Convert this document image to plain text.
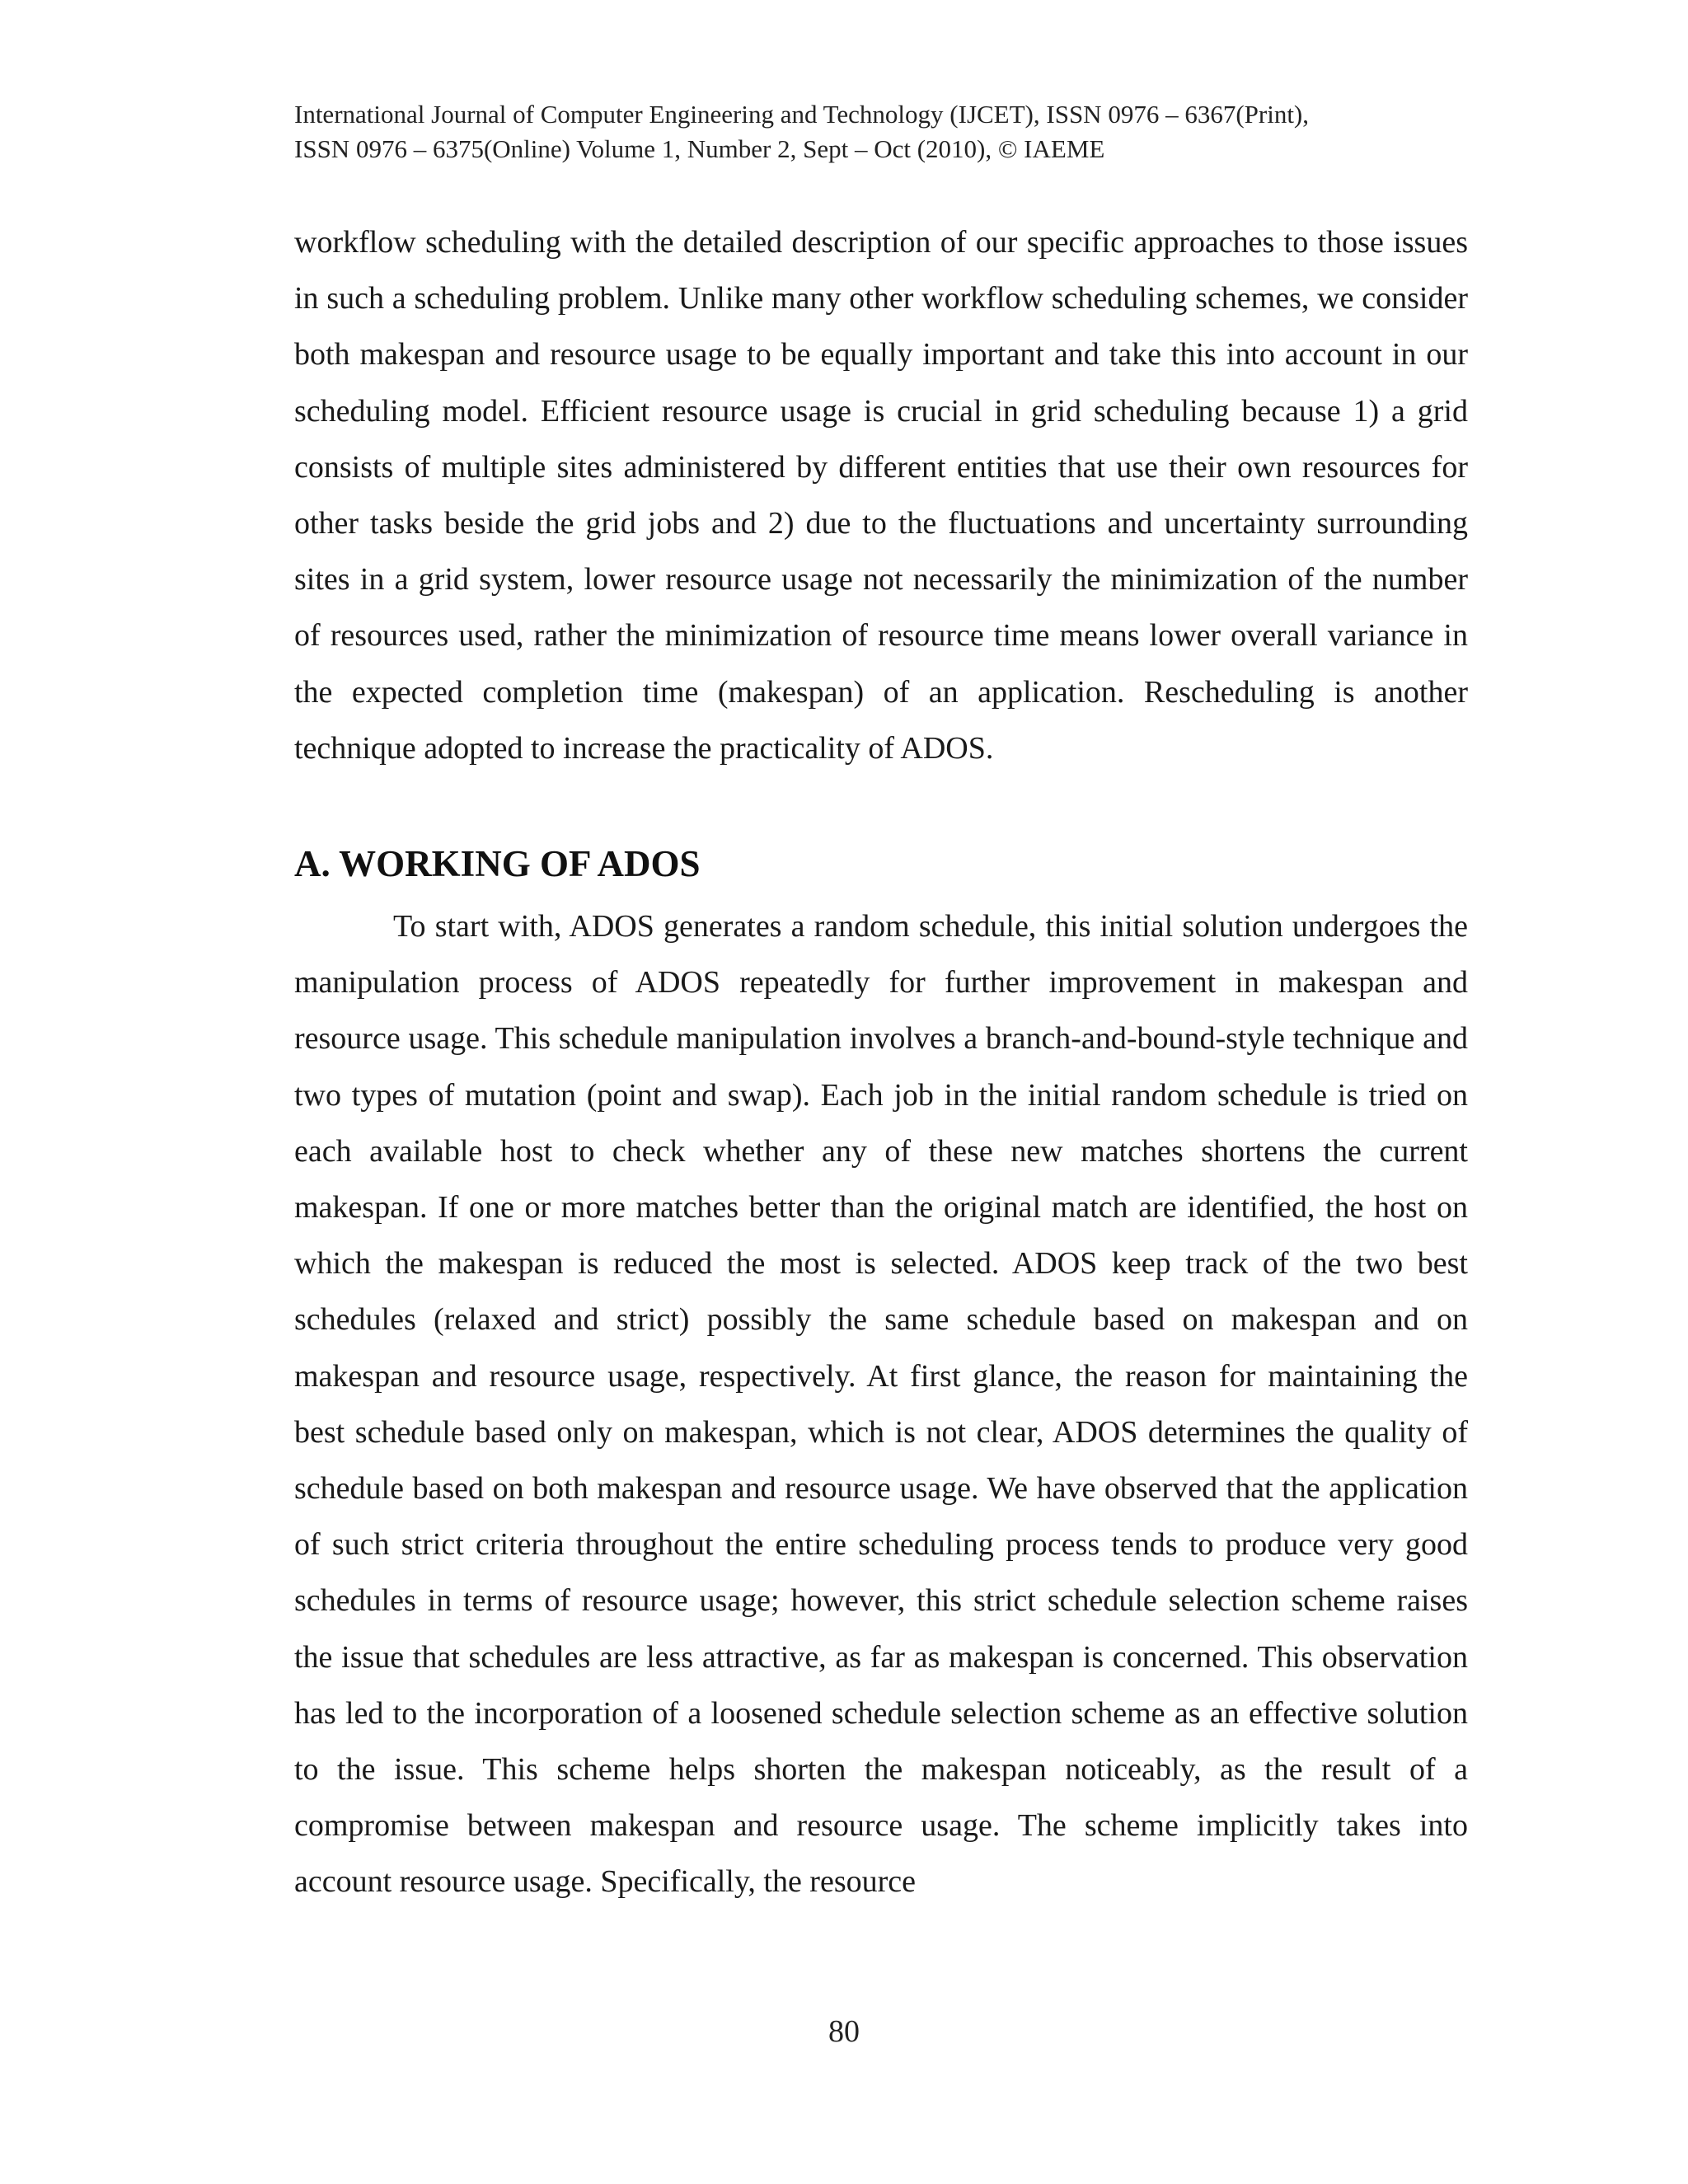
International Journal of Computer Engineering and Technology (IJCET), ISSN 0976 – 6367(Print),
ISSN 0976 – 6375(Online) Volume 1, Number 2, Sept – Oct (2010), © IAEME
workflow scheduling with the detailed description of our specific approaches to those issues in such a scheduling problem. Unlike many other workflow scheduling schemes, we consider both makespan and resource usage to be equally important and take this into account in our scheduling model. Efficient resource usage is crucial in grid scheduling because 1) a grid consists of multiple sites administered by different entities that use their own resources for other tasks beside the grid jobs and 2) due to the fluctuations and uncertainty surrounding sites in a grid system, lower resource usage not necessarily the minimization of the number of resources used, rather the minimization of resource time means lower overall variance in the expected completion time (makespan) of an application. Rescheduling is another technique adopted to increase the practicality of ADOS.
A. WORKING OF ADOS
To start with, ADOS generates a random schedule, this initial solution undergoes the manipulation process of ADOS repeatedly for further improvement in makespan and resource usage. This schedule manipulation involves a branch-and-bound-style technique and two types of mutation (point and swap). Each job in the initial random schedule is tried on each available host to check whether any of these new matches shortens the current makespan. If one or more matches better than the original match are identified, the host on which the makespan is reduced the most is selected. ADOS keep track of the two best schedules (relaxed and strict) possibly the same schedule based on makespan and on makespan and resource usage, respectively. At first glance, the reason for maintaining the best schedule based only on makespan, which is not clear, ADOS determines the quality of schedule based on both makespan and resource usage. We have observed that the application of such strict criteria throughout the entire scheduling process tends to produce very good schedules in terms of resource usage; however, this strict schedule selection scheme raises the issue that schedules are less attractive, as far as makespan is concerned. This observation has led to the incorporation of a loosened schedule selection scheme as an effective solution to the issue. This scheme helps shorten the makespan noticeably, as the result of a compromise between makespan and resource usage. The scheme implicitly takes into account resource usage. Specifically, the resource
80
